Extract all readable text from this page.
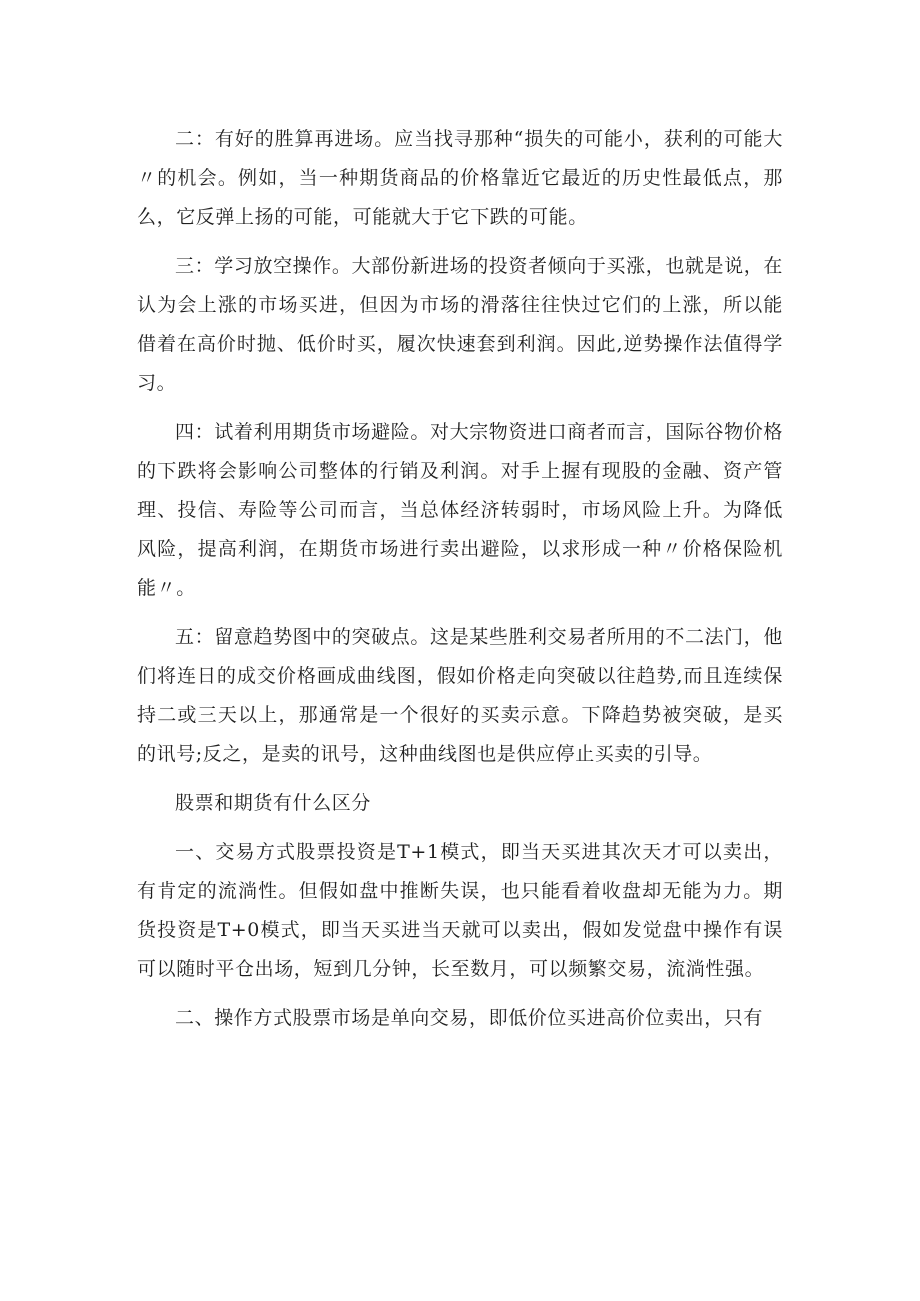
二：有好的胜算再进场。应当找寻那种“损失的可能小，获利的可能大〃的机会。例如，当一种期货商品的价格靠近它最近的历史性最低点，那么，它反弹上扬的可能，可能就大于它下跌的可能。

三：学习放空操作。大部份新进场的投资者倾向于买涨，也就是说，在认为会上涨的市场买进，但因为市场的滑落往往快过它们的上涨，所以能借着在高价时抛、低价时买，履次快速套到利润。因此,逆势操作法值得学习。

四：试着利用期货市场避险。对大宗物资进口商者而言，国际谷物价格的下跌将会影响公司整体的行销及利润。对手上握有现股的金融、资产管理、投信、寿险等公司而言，当总体经济转弱时，市场风险上升。为降低风险，提高利润，在期货市场进行卖出避险，以求形成一种〃价格保险机能〃。

五：留意趋势图中的突破点。这是某些胜利交易者所用的不二法门，他们将连日的成交价格画成曲线图，假如价格走向突破以往趋势,而且连续保持二或三天以上，那通常是一个很好的买卖示意。下降趋势被突破，是买的讯号;反之，是卖的讯号，这种曲线图也是供应停止买卖的引导。

股票和期货有什么区分

一、交易方式股票投资是T+1模式，即当天买进其次天才可以卖出，有肯定的流淌性。但假如盘中推断失误，也只能看着收盘却无能为力。期货投资是T+0模式，即当天买进当天就可以卖出，假如发觉盘中操作有误可以随时平仓出场，短到几分钟，长至数月，可以频繁交易，流淌性强。

二、操作方式股票市场是单向交易，即低价位买进高价位卖出，只有
